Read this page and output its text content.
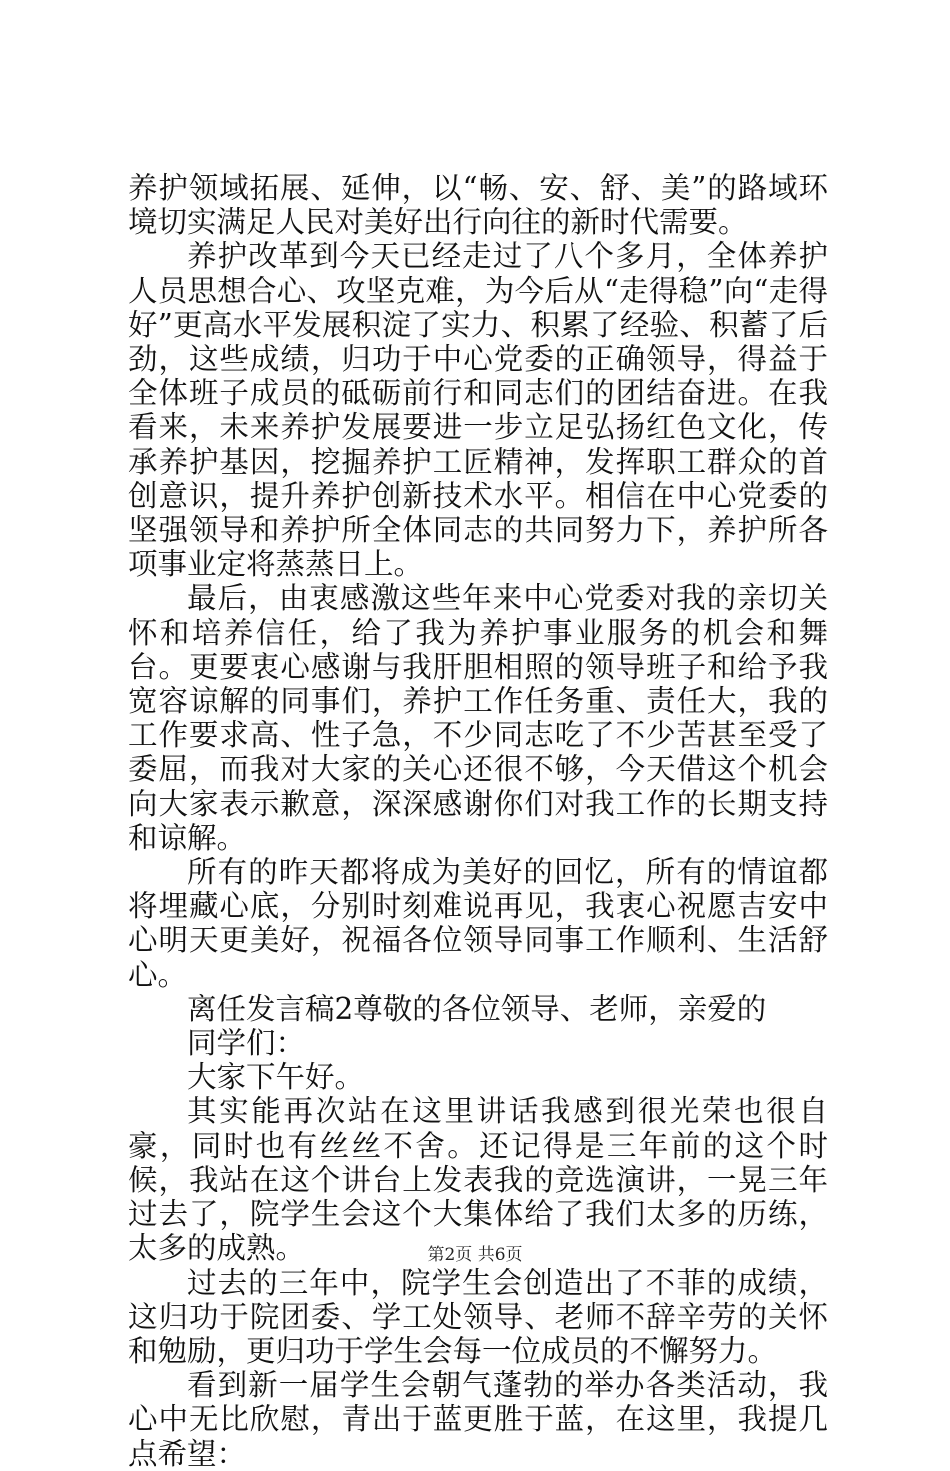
养护领域拓展、延伸，以“畅、安、舒、美”的路域环境切实满足人民对美好出行向往的新时代需要。

养护改革到今天已经走过了八个多月，全体养护人员思想合心、攻坚克难，为今后从“走得稳”向“走得好”更高水平发展积淀了实力、积累了经验、积蓄了后劲，这些成绩，归功于中心党委的正确领导，得益于全体班子成员的砥砺前行和同志们的团结奋进。在我看来，未来养护发展要进一步立足弘扬红色文化，传承养护基因，挖掘养护工匠精神，发挥职工群众的首创意识，提升养护创新技术水平。相信在中心党委的坚强领导和养护所全体同志的共同努力下，养护所各项事业定将蒸蒸日上。

最后，由衷感激这些年来中心党委对我的亲切关怀和培养信任，给了我为养护事业服务的机会和舞台。更要衷心感谢与我肝胆相照的领导班子和给予我宽容谅解的同事们，养护工作任务重、责任大，我的工作要求高、性子急，不少同志吃了不少苦甚至受了委屈，而我对大家的关心还很不够，今天借这个机会向大家表示歉意，深深感谢你们对我工作的长期支持和谅解。

所有的昨天都将成为美好的回忆，所有的情谊都将埋藏心底，分别时刻难说再见，我衷心祝愿吉安中心明天更美好，祝福各位领导同事工作顺利、生活舒心。

离任发言稿2尊敬的各位领导、老师，亲爱的

同学们：

大家下午好。

其实能再次站在这里讲话我感到很光荣也很自豪，同时也有丝丝不舍。还记得是三年前的这个时候，我站在这个讲台上发表我的竞选演讲，一晃三年过去了，院学生会这个大集体给了我们太多的历练，太多的成熟。

过去的三年中，院学生会创造出了不菲的成绩，这归功于院团委、学工处领导、老师不辞辛劳的关怀和勉励，更归功于学生会每一位成员的不懈努力。

看到新一届学生会朝气蓬勃的举办各类活动，我心中无比欣慰，青出于蓝更胜于蓝，在这里，我提几点希望：

第2页 共6页
